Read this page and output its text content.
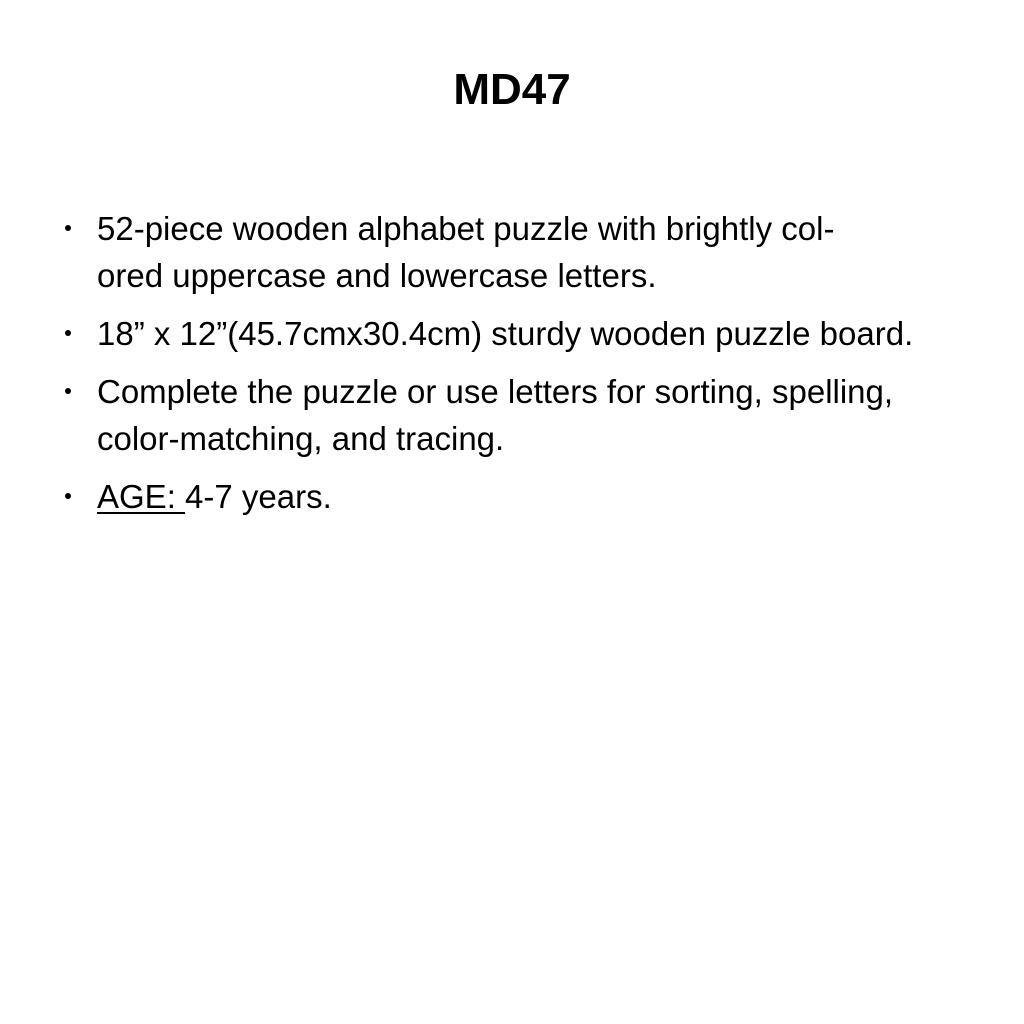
MD47
52-piece wooden alphabet puzzle with brightly col-
ored uppercase and lowercase letters.
18” x 12”(45.7cmx30.4cm) sturdy wooden puzzle board.
Complete the puzzle or use letters for sorting, spelling, color-matching, and tracing.
AGE: 4-7 years.
